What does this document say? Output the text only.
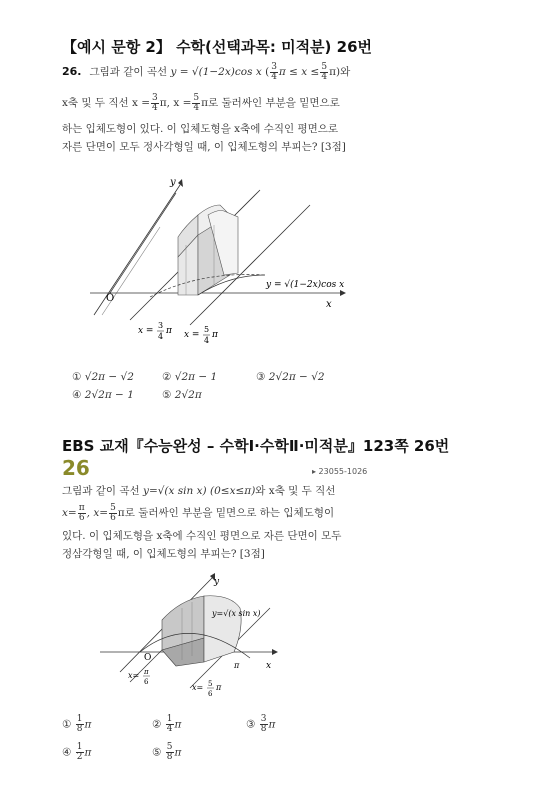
【예시 문항 2】 수학(선택과목: 미적분) 26번
26. 그림과 같이 곡선 y = √(1−2x)cos x ( $\frac{3}{4}$ $\pi \le x \le \frac{5}{4} \pi$)와
x축 및 두 직선 $x = \frac{3}{4} \pi$, $x = \frac{5}{4}$ π로 둘러싸인 부분을 밑면으로
하는 입체도형이 있다. 이 입체도형을 x축에 수직인 평면으로
자른 단면이 모두 정사각형일 때, 이 입체도형의 부피는? [3점]
y
x
O
y = √(1−2x)cos x
x =
3
4
π x =
5
4
π
① √2π − √2	② √2π − 1	③ 2√2π − √2
④ 2√2π − 1	⑤ 2√2π
EBS 교재『수능완성 – 수학Ⅰ·수학Ⅱ·미적분』123쪽 26번
26	▸ 23055-1026
그림과 같이 곡선 y=√(x sin x) (0≤x≤π)와 x축 및 두 직선
$x= \frac{\pi}{6}$ , $x= \frac{5}{6}$ π로 둘러싸인 부분을 밑면으로 하는 입체도형이
있다. 이 입체도형을 x축에 수직인 평면으로 자른 단면이 모두
정삼각형일 때, 이 입체도형의 부피는? [3점]
y
x
O
y=√(x sin x)
π
x= π
6
x= 5
6
π
① $\frac{1}{8}$ π	② $\frac{1}{4}$ π	③ $\frac{3}{8}$ π
④ $\frac{1}{2}$ π	⑤ $\frac{5}{8}$ π
